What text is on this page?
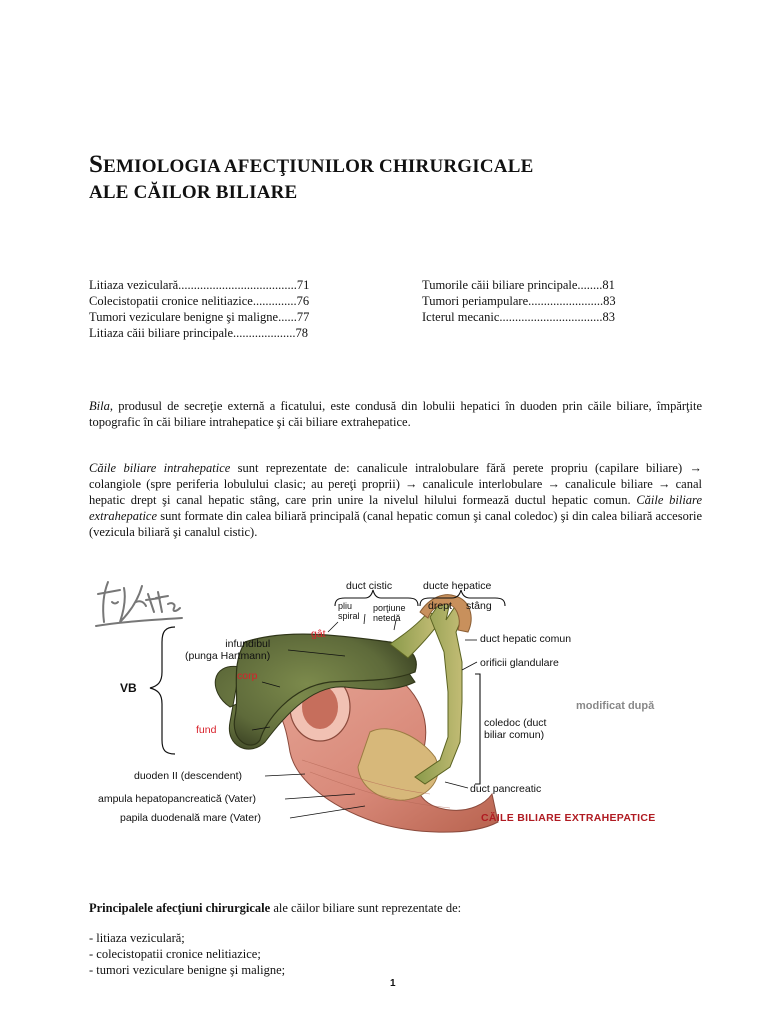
SEMIOLOGIA AFECŢIUNILOR CHIRURGICALE
ALE CĂILOR BILIARE
Litiaza veziculară......................................71
Colecistopatii cronice nelitiazice..............76
Tumori veziculare benigne şi maligne......77
Litiaza căii biliare principale....................78
Tumorile căii biliare principale........81
Tumori periampulare........................83
Icterul mecanic.................................83
Bila, produsul de secreţie externă a ficatului, este condusă din lobulii hepatici în duoden prin căile biliare, împărţite topografic în căi biliare intrahepatice şi căi biliare extrahepatice.
Căile biliare intrahepatice sunt reprezentate de: canalicule intralobulare fără perete propriu (capilare biliare) → colangiole (spre periferia lobulului clasic; au pereţi proprii) → canalicule interlobulare → canalicule biliare → canal hepatic drept şi canal hepatic stâng, care prin unire la nivelul hilului formează ductul hepatic comun. Căile biliare extrahepatice sunt formate din calea biliară principală (canal hepatic comun şi canal coledoc) şi din calea biliară accesorie (vezicula biliară şi canalul cistic).
duct cistic	ducte hepatice
pliu
spiral
porţiune
netedă
drept stâng
gât
infundibul
(punga Hartmann)
corp
fund
VB
duct hepatic comun
orificii glandulare
coledoc (duct
biliar comun)
duoden II (descendent)
ampula hepatopancreatică (Vater)
papila duodenală mare (Vater)
duct pancreatic
CĂILE BILIARE EXTRAHEPATICE
modificat după
Principalele afecţiuni chirurgicale ale căilor biliare sunt reprezentate de:
- litiaza veziculară;
- colecistopatii cronice nelitiazice;
- tumori veziculare benigne şi maligne;
1
